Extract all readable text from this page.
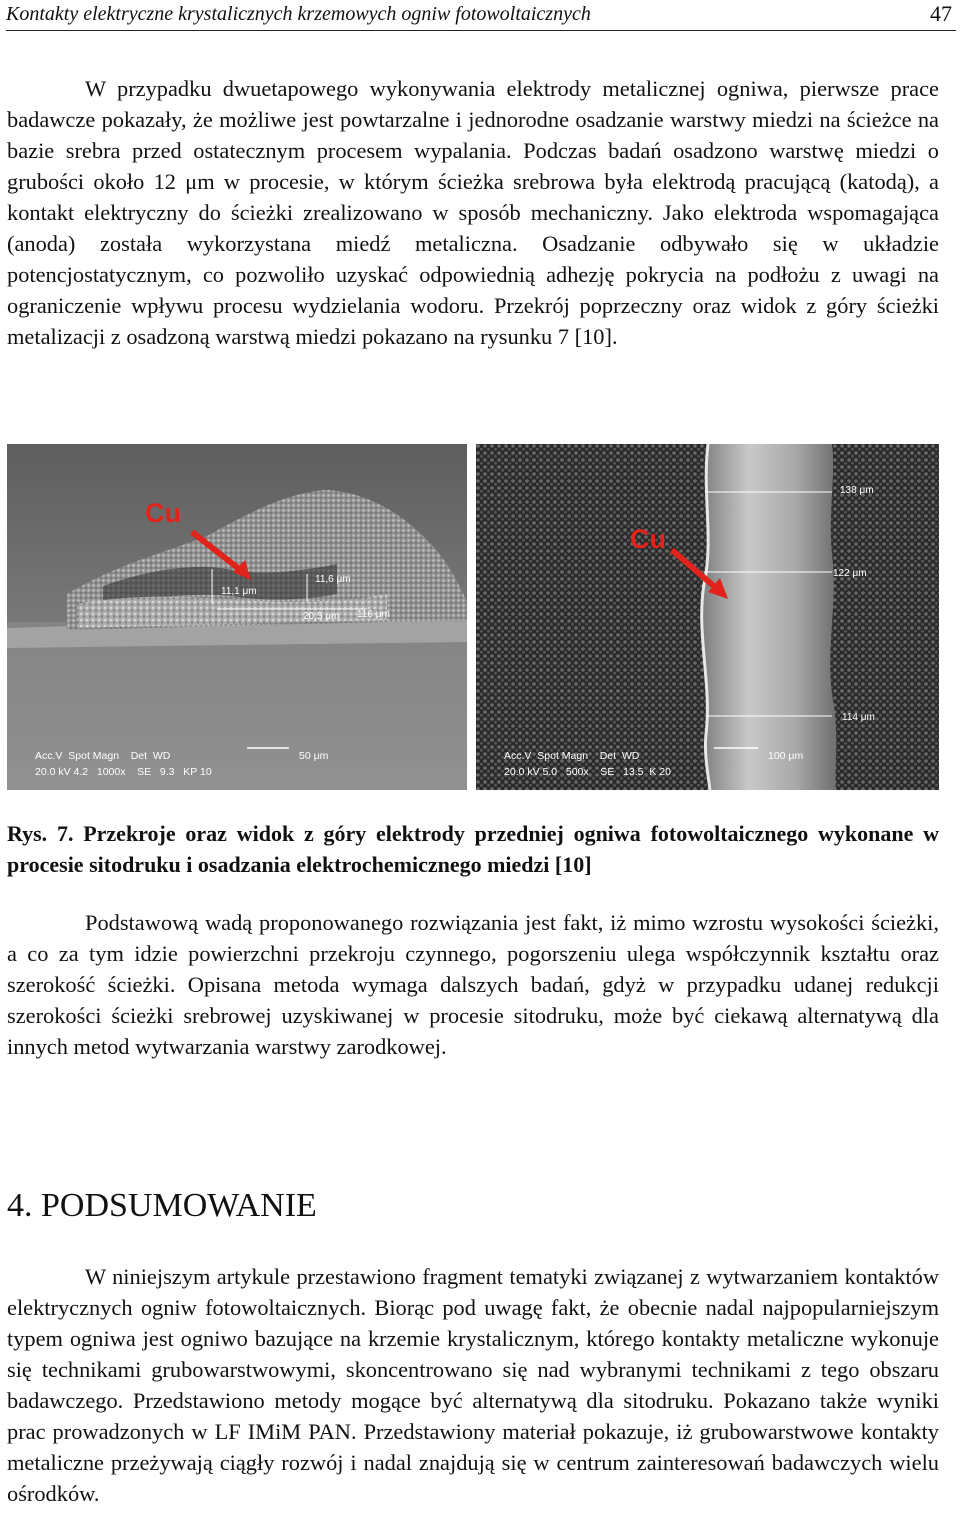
Kontakty elektryczne krystalicznych krzemowych ogniw fotowoltaicznych	47

W przypadku dwuetapowego wykonywania elektrody metalicznej ogniwa, pierwsze prace badawcze pokazały, że możliwe jest powtarzalne i jednorodne osadzanie warstwy miedzi na ścieżce na bazie srebra przed ostatecznym procesem wypalania. Podczas badań osadzono warstwę miedzi o grubości około 12 μm w procesie, w którym ścieżka srebrowa była elektrodą pracującą (katodą), a kontakt elektryczny do ścieżki zrealizowano w sposób mechaniczny. Jako elektroda wspomagająca (anoda) została wykorzystana miedź metaliczna. Osadzanie odbywało się w układzie potencjostatycznym, co pozwoliło uzyskać odpowiednią adhezję pokrycia na podłożu z uwagi na ograniczenie wpływu procesu wydzielania wodoru. Przekrój poprzeczny oraz widok z góry ścieżki metalizacji z osadzoną warstwą miedzi pokazano na rysunku 7 [10].

Cu
11,6 μm
11,1 μm
20,5 μm 116 μm
Acc.V  Spot Magn    Det  WD
20.0 kV 4.2   1000x    SE   9.3   KP 10
50 μm
138 μm
122 μm
114 μm
Cu
Acc.V  Spot Magn    Det  WD
20.0 kV 5.0   500x    SE   13.5  K 20
100 μm

Rys. 7. Przekroje oraz widok z góry elektrody przedniej ogniwa fotowoltaicznego wykonane w procesie sitodruku i osadzania elektrochemicznego miedzi [10]

Podstawową wadą proponowanego rozwiązania jest fakt, iż mimo wzrostu wysokości ścieżki, a co za tym idzie powierzchni przekroju czynnego, pogorszeniu ulega współczynnik kształtu oraz szerokość ścieżki. Opisana metoda wymaga dalszych badań, gdyż w przypadku udanej redukcji szerokości ścieżki srebrowej uzyskiwanej w procesie sitodruku, może być ciekawą alternatywą dla innych metod wytwarzania warstwy zarodkowej.

4. PODSUMOWANIE

W niniejszym artykule przestawiono fragment tematyki związanej z wytwarzaniem kontaktów elektrycznych ogniw fotowoltaicznych. Biorąc pod uwagę fakt, że obecnie nadal najpopularniejszym typem ogniwa jest ogniwo bazujące na krzemie krystalicznym, którego kontakty metaliczne wykonuje się technikami grubowarstwowymi, skoncentrowano się nad wybranymi technikami z tego obszaru badawczego. Przedstawiono metody mogące być alternatywą dla sitodruku. Pokazano także wyniki prac prowadzonych w LF IMiM PAN. Przedstawiony materiał pokazuje, iż grubowarstwowe kontakty metaliczne przeżywają ciągły rozwój i nadal znajdują się w centrum zainteresowań badawczych wielu ośrodków.
